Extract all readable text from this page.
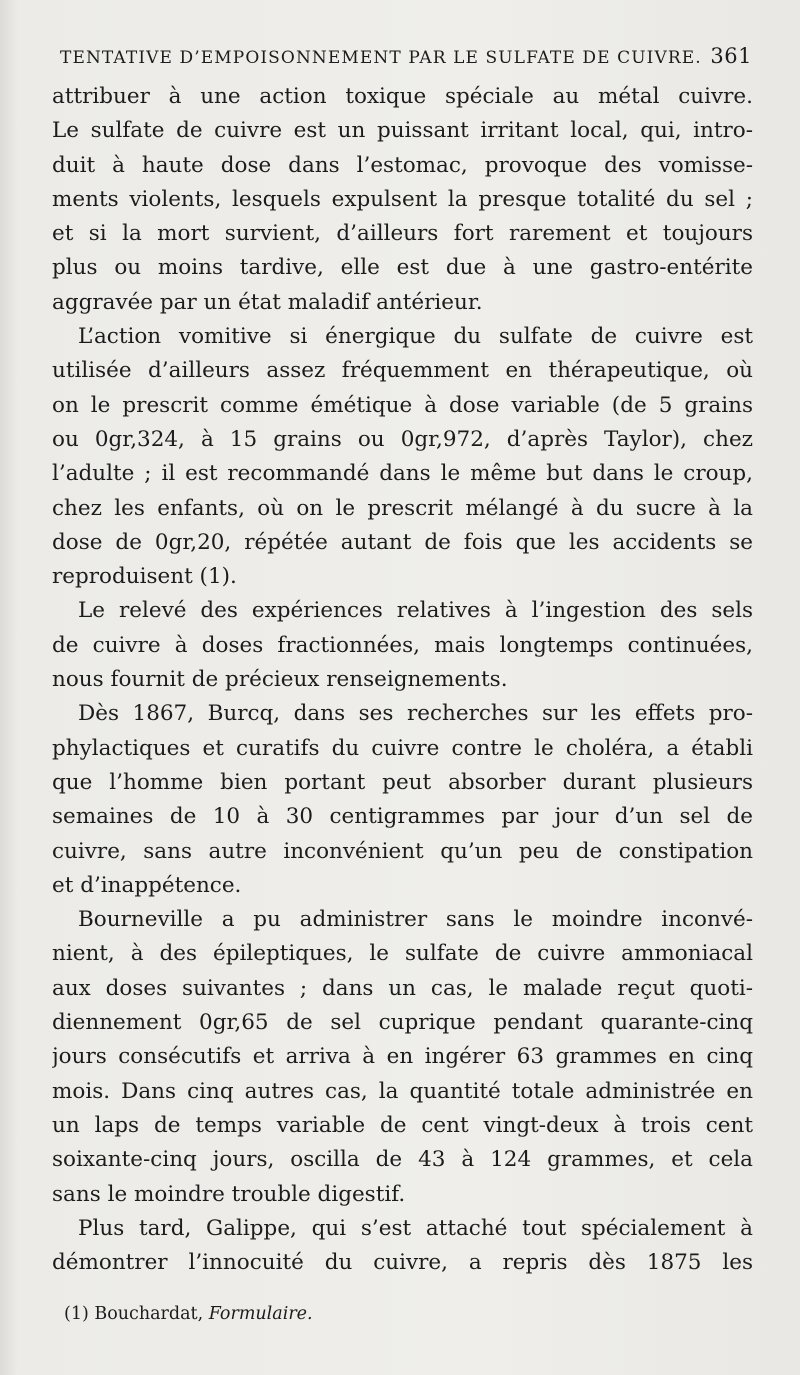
TENTATIVE D’EMPOISONNEMENT PAR LE SULFATE DE CUIVRE. 361
attribuer à une action toxique spéciale au métal cuivre.
Le sulfate de cuivre est un puissant irritant local, qui, intro-
duit à haute dose dans l’estomac, provoque des vomisse-
ments violents, lesquels expulsent la presque totalité du sel ;
et si la mort survient, d’ailleurs fort rarement et toujours
plus ou moins tardive, elle est due à une gastro-entérite
aggravée par un état maladif antérieur.
L’action vomitive si énergique du sulfate de cuivre est
utilisée d’ailleurs assez fréquemment en thérapeutique, où
on le prescrit comme émétique à dose variable (de 5 grains
ou 0gr,324, à 15 grains ou 0gr,972, d’après Taylor), chez
l’adulte ; il est recommandé dans le même but dans le croup,
chez les enfants, où on le prescrit mélangé à du sucre à la
dose de 0gr,20, répétée autant de fois que les accidents se
reproduisent (1).
Le relevé des expériences relatives à l’ingestion des sels
de cuivre à doses fractionnées, mais longtemps continuées,
nous fournit de précieux renseignements.
Dès 1867, Burcq, dans ses recherches sur les effets pro-
phylactiques et curatifs du cuivre contre le choléra, a établi
que l’homme bien portant peut absorber durant plusieurs
semaines de 10 à 30 centigrammes par jour d’un sel de
cuivre, sans autre inconvénient qu’un peu de constipation
et d’inappétence.
Bourneville a pu administrer sans le moindre inconvé-
nient, à des épileptiques, le sulfate de cuivre ammoniacal
aux doses suivantes ; dans un cas, le malade reçut quoti-
diennement 0gr,65 de sel cuprique pendant quarante-cinq
jours consécutifs et arriva à en ingérer 63 grammes en cinq
mois. Dans cinq autres cas, la quantité totale administrée en
un laps de temps variable de cent vingt-deux à trois cent
soixante-cinq jours, oscilla de 43 à 124 grammes, et cela
sans le moindre trouble digestif.
Plus tard, Galippe, qui s’est attaché tout spécialement à
démontrer l’innocuité du cuivre, a repris dès 1875 les
(1) Bouchardat, Formulaire.
